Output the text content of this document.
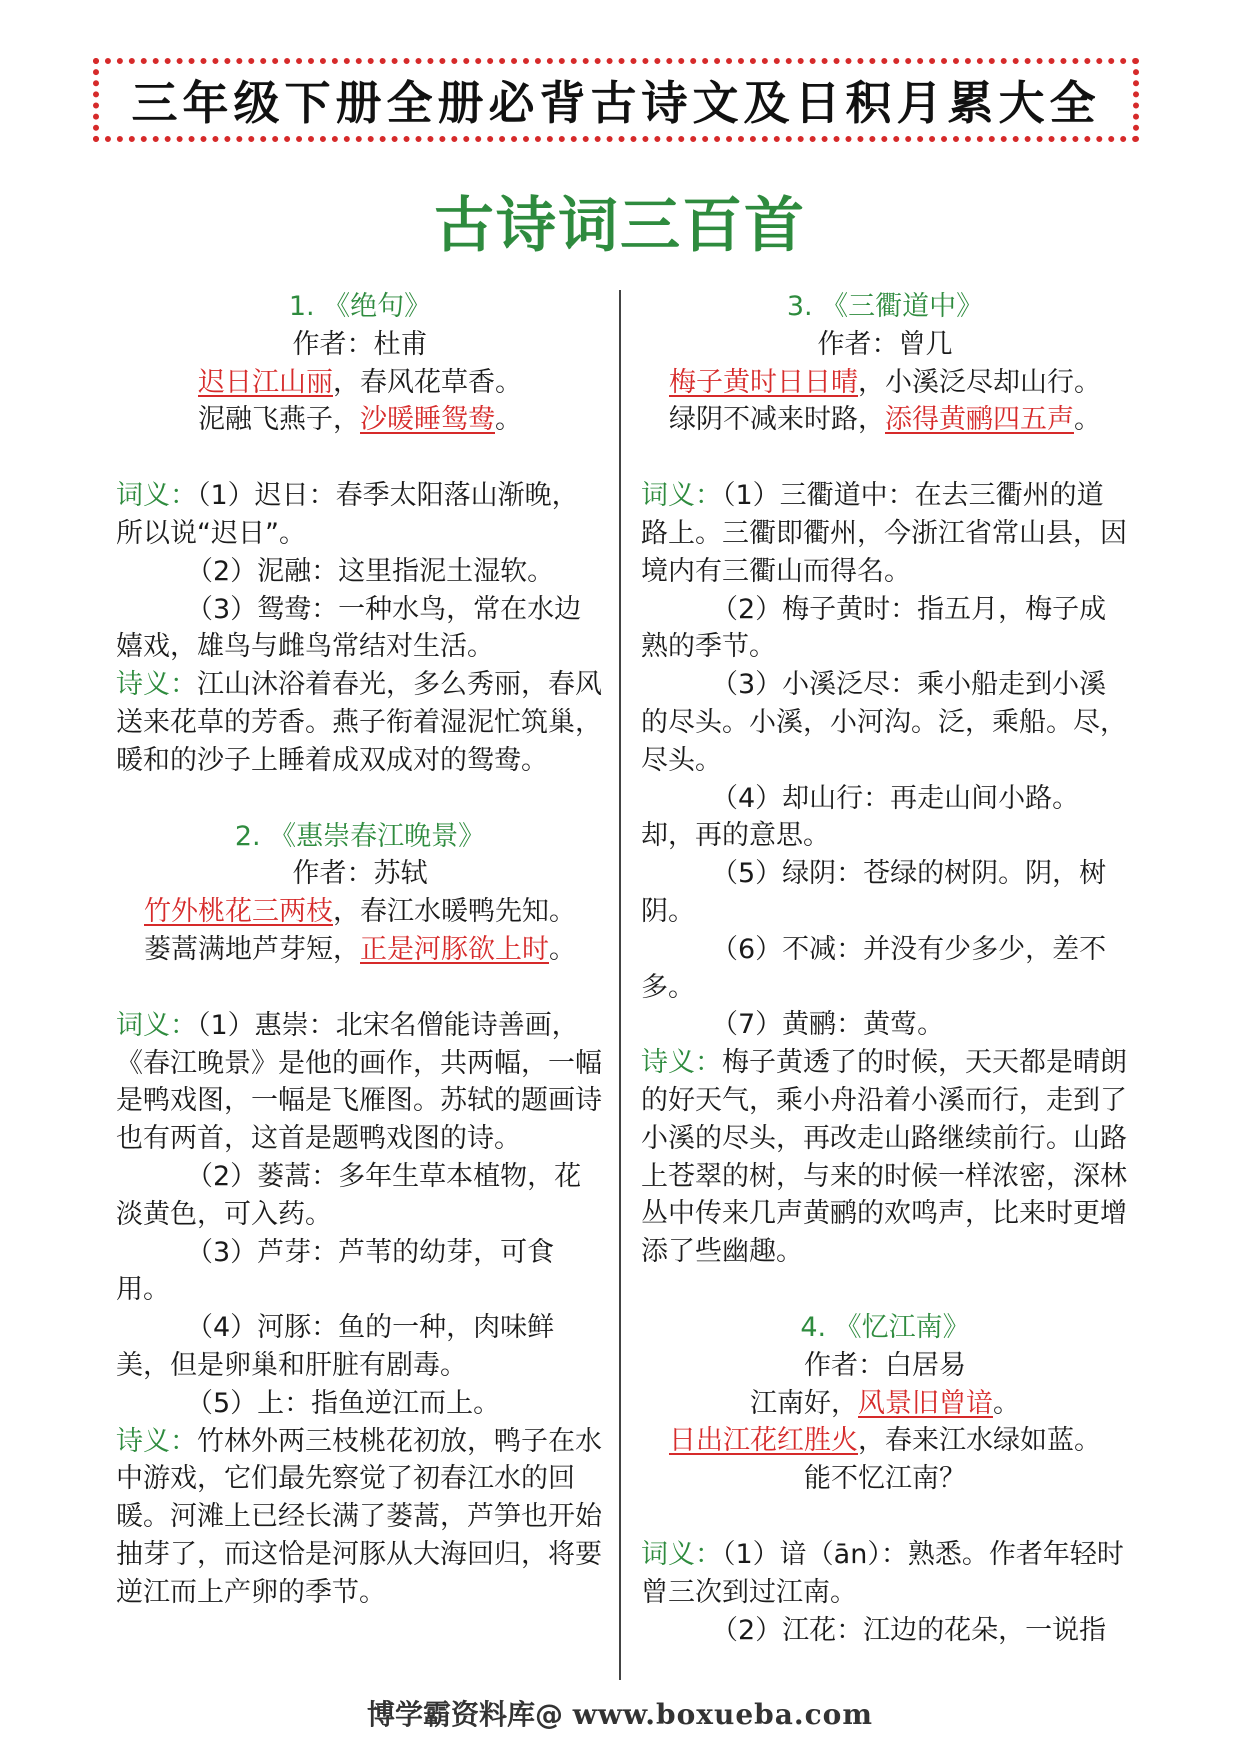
三年级下册全册必背古诗文及日积月累大全
古诗词三百首

1. 《绝句》

作者：杜甫

迟日江山丽，春风花草香。

泥融飞燕子，沙暖睡鸳鸯。

词义：（1）迟日：春季太阳落山渐晚，所以说“迟日”。

（2）泥融：这里指泥土湿软。

（3）鸳鸯：一种水鸟，常在水边嬉戏，雄鸟与雌鸟常结对生活。

诗义：江山沐浴着春光，多么秀丽，春风送来花草的芳香。燕子衔着湿泥忙筑巢，暖和的沙子上睡着成双成对的鸳鸯。

2. 《惠崇春江晚景》

作者：苏轼

竹外桃花三两枝，春江水暖鸭先知。

蒌蒿满地芦芽短，正是河豚欲上时。

词义：（1）惠崇：北宋名僧能诗善画，《春江晚景》是他的画作，共两幅，一幅是鸭戏图，一幅是飞雁图。苏轼的题画诗也有两首，这首是题鸭戏图的诗。

（2）蒌蒿：多年生草本植物，花淡黄色，可入药。

（3）芦芽：芦苇的幼芽，可食用。

（4）河豚：鱼的一种，肉味鲜美，但是卵巢和肝脏有剧毒。

（5）上：指鱼逆江而上。

诗义：竹林外两三枝桃花初放，鸭子在水中游戏，它们最先察觉了初春江水的回暖。河滩上已经长满了蒌蒿，芦笋也开始抽芽了，而这恰是河豚从大海回归，将要逆江而上产卵的季节。

3. 《三衢道中》

作者：曾几

梅子黄时日日晴，小溪泛尽却山行。

绿阴不减来时路，添得黄鹂四五声。

词义：（1）三衢道中：在去三衢州的道路上。三衢即衢州，今浙江省常山县，因境内有三衢山而得名。

（2）梅子黄时：指五月，梅子成熟的季节。

（3）小溪泛尽：乘小船走到小溪的尽头。小溪，小河沟。泛，乘船。尽，尽头。

（4）却山行：再走山间小路。却，再的意思。

（5）绿阴：苍绿的树阴。阴，树阴。

（6）不减：并没有少多少，差不多。

（7）黄鹂：黄莺。

诗义：梅子黄透了的时候，天天都是晴朗的好天气，乘小舟沿着小溪而行，走到了小溪的尽头，再改走山路继续前行。山路上苍翠的树，与来的时候一样浓密，深林丛中传来几声黄鹂的欢鸣声，比来时更增添了些幽趣。

4. 《忆江南》

作者：白居易

江南好，风景旧曾谙。

日出江花红胜火，春来江水绿如蓝。

能不忆江南？

词义：（1）谙（ān）：熟悉。作者年轻时曾三次到过江南。

（2）江花：江边的花朵，一说指

博学霸资料库@ www.boxueba.com
